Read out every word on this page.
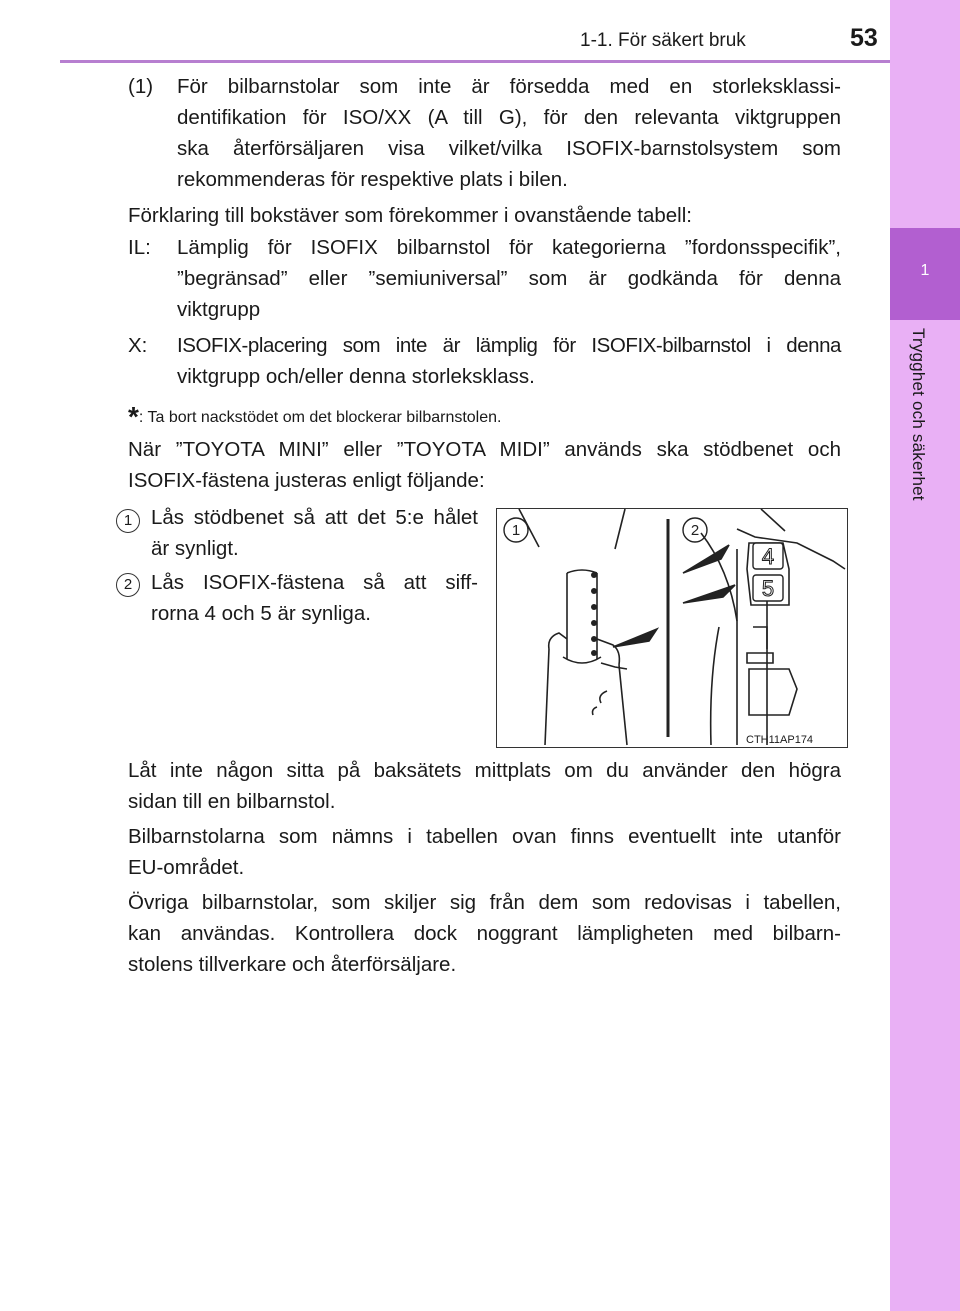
1-1. För säkert bruk	53
1
Trygghet och säkerhet
(1) För bilbarnstolar som inte är försedda med en storleksklassi-
dentifikation för ISO/XX (A till G), för den relevanta viktgruppen
ska återförsäljaren visa vilket/vilka ISOFIX-barnstolsystem som
rekommenderas för respektive plats i bilen.
Förklaring till bokstäver som förekommer i ovanstående tabell:
IL: Lämplig för ISOFIX bilbarnstol för kategorierna ”fordonsspecifik”,
”begränsad” eller ”semiuniversal” som är godkända för denna
viktgrupp
X: ISOFIX-placering som inte är lämplig för ISOFIX-bilbarnstol i denna
viktgrupp och/eller denna storleksklass.
*: Ta bort nackstödet om det blockerar bilbarnstolen.
När ”TOYOTA MINI” eller ”TOYOTA MIDI” används ska stödbenet och
ISOFIX-fästena justeras enligt följande:
1 Lås stödbenet så att det 5:e hålet
är synligt.
2 Lås ISOFIX-fästena så att siff-
rorna 4 och 5 är synliga.
4
5
1	2
CTH11AP174
Låt inte någon sitta på baksätets mittplats om du använder den högra
sidan till en bilbarnstol.
Bilbarnstolarna som nämns i tabellen ovan finns eventuellt inte utanför
EU-området.
Övriga bilbarnstolar, som skiljer sig från dem som redovisas i tabellen,
kan användas. Kontrollera dock noggrant lämpligheten med bilbarn-
stolens tillverkare och återförsäljare.
